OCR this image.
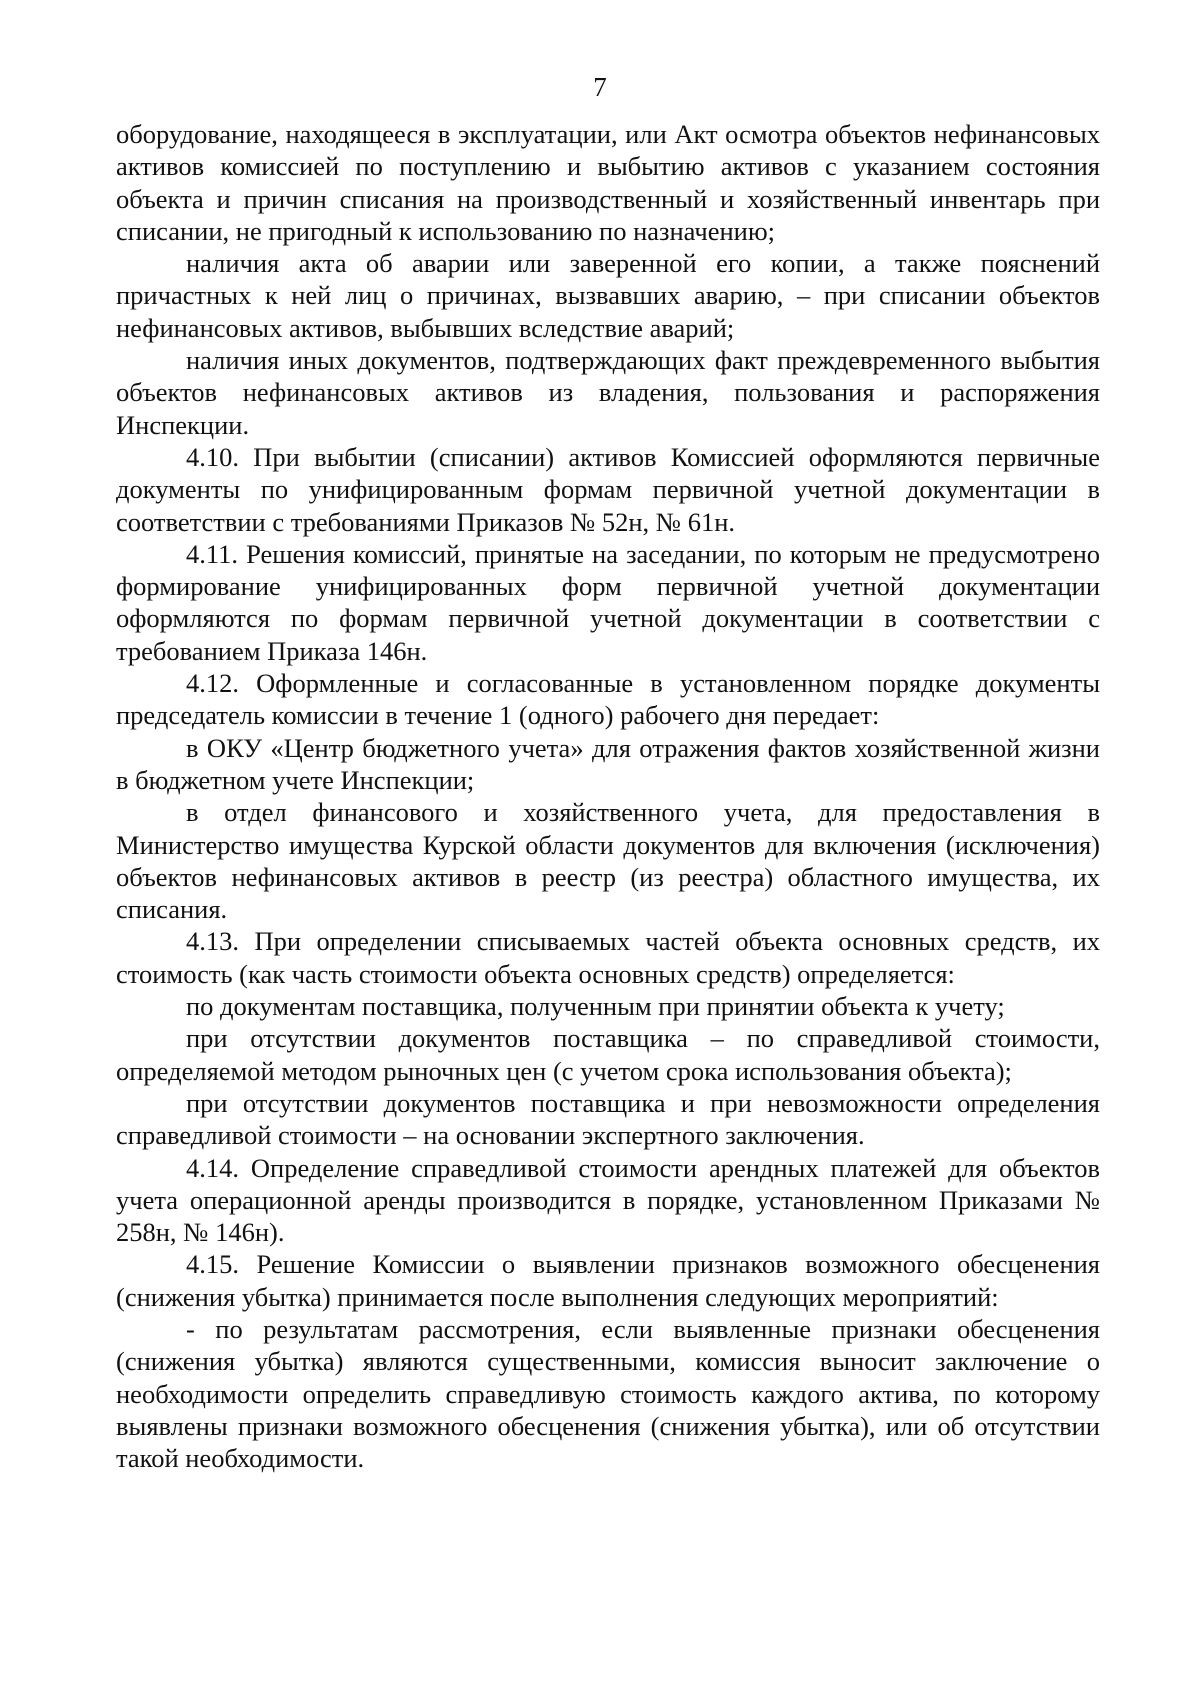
7

оборудование, находящееся в эксплуатации, или Акт осмотра объектов нефинансовых активов комиссией по поступлению и выбытию активов с указанием состояния объекта и причин списания на производственный и хозяйственный инвентарь при списании, не пригодный к использованию по назначению;

наличия акта об аварии или заверенной его копии, а также пояснений причастных к ней лиц о причинах, вызвавших аварию, – при списании объектов нефинансовых активов, выбывших вследствие аварий;

наличия иных документов, подтверждающих факт преждевременного выбытия объектов нефинансовых активов из владения, пользования и распоряжения Инспекции.

4.10. При выбытии (списании) активов Комиссией оформляются первичные документы по унифицированным формам первичной учетной документации в соответствии с требованиями Приказов № 52н, № 61н.

4.11. Решения комиссий, принятые на заседании, по которым не предусмотрено формирование унифицированных форм первичной учетной документации оформляются по формам первичной учетной документации в соответствии с требованием Приказа 146н.

4.12. Оформленные и согласованные в установленном порядке документы председатель комиссии в течение 1 (одного) рабочего дня передает:

в ОКУ «Центр бюджетного учета» для отражения фактов хозяйственной жизни в бюджетном учете Инспекции;

в отдел финансового и хозяйственного учета, для предоставления в Министерство имущества Курской области документов для включения (исключения) объектов нефинансовых активов в реестр (из реестра) областного имущества, их списания.

4.13. При определении списываемых частей объекта основных средств, их стоимость (как часть стоимости объекта основных средств) определяется:

по документам поставщика, полученным при принятии объекта к учету;

при отсутствии документов поставщика – по справедливой стоимости, определяемой методом рыночных цен (с учетом срока использования объекта);

при отсутствии документов поставщика и при невозможности определения справедливой стоимости – на основании экспертного заключения.

4.14. Определение справедливой стоимости арендных платежей для объектов учета операционной аренды производится в порядке, установленном Приказами № 258н, № 146н).

4.15. Решение Комиссии о выявлении признаков возможного обесценения (снижения убытка) принимается после выполнения следующих мероприятий:

- по результатам рассмотрения, если выявленные признаки обесценения (снижения убытка) являются существенными, комиссия выносит заключение о необходимости определить справедливую стоимость каждого актива, по которому выявлены признаки возможного обесценения (снижения убытка), или об отсутствии такой необходимости.
